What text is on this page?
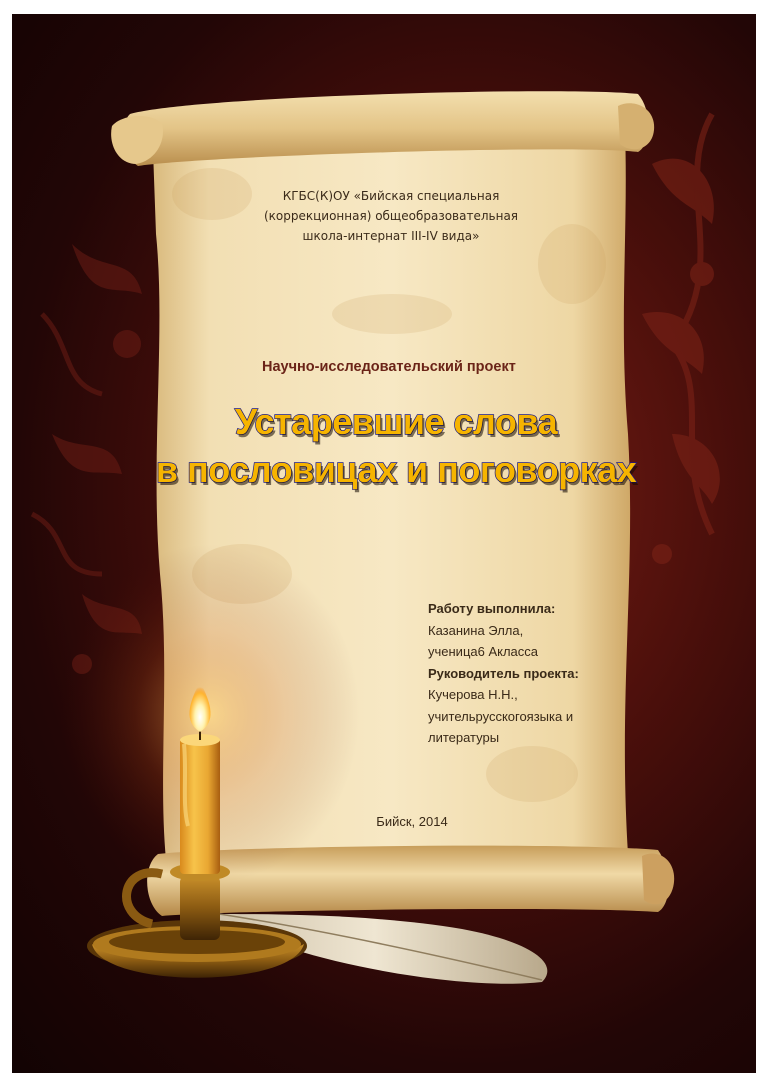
КГБС(К)ОУ «Бийская специальная
(коррекционная) общеобразовательная
школа-интернат III-IV вида»
Научно-исследовательский проект
Устаревшие слова
в пословицах и поговорках
Работу выполнила:
Казанина Элла,
ученица6 Акласса
Руководитель проекта:
Кучерова Н.Н.,
учительрусскогоязыка и
литературы
Бийск, 2014
